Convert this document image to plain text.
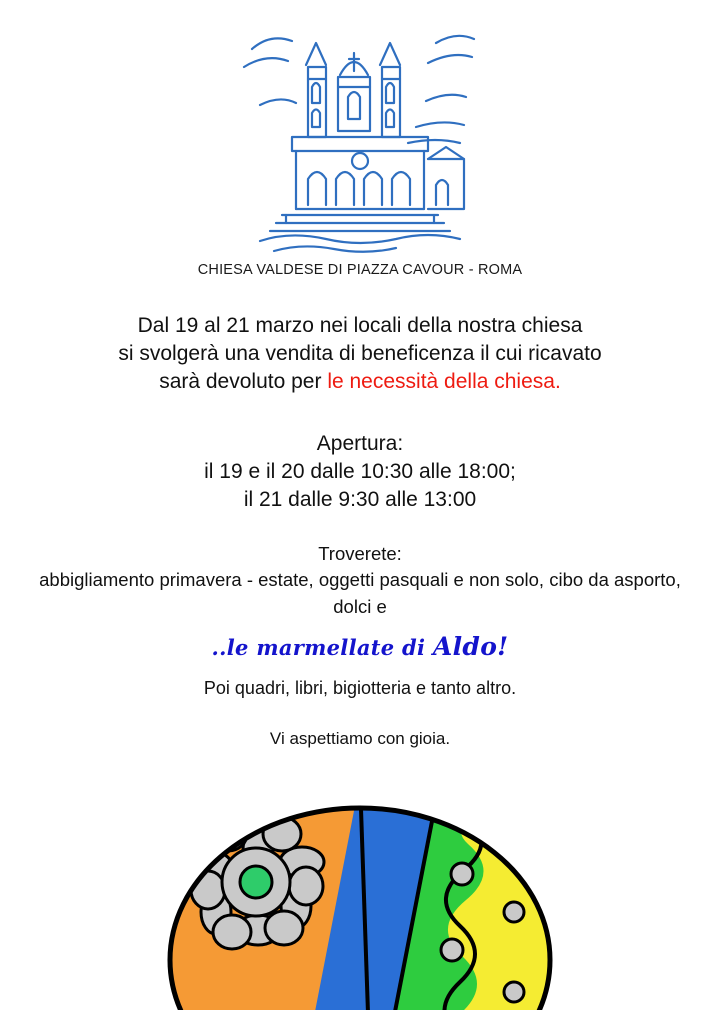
CHIESA VALDESE DI PIAZZA CAVOUR - ROMA
Dal 19 al 21 marzo nei locali della nostra chiesa
si svolgerà una vendita di beneficenza il cui ricavato
sarà devoluto per le necessità della chiesa.
Apertura:
il 19 e il 20 dalle 10:30 alle 18:00;
il 21 dalle 9:30 alle 13:00
Troverete:
abbigliamento primavera - estate, oggetti pasquali e non solo, cibo da asporto,
dolci e
..le marmellate di Aldo!
Poi quadri, libri, bigiotteria e tanto altro.
Vi aspettiamo con gioia.
